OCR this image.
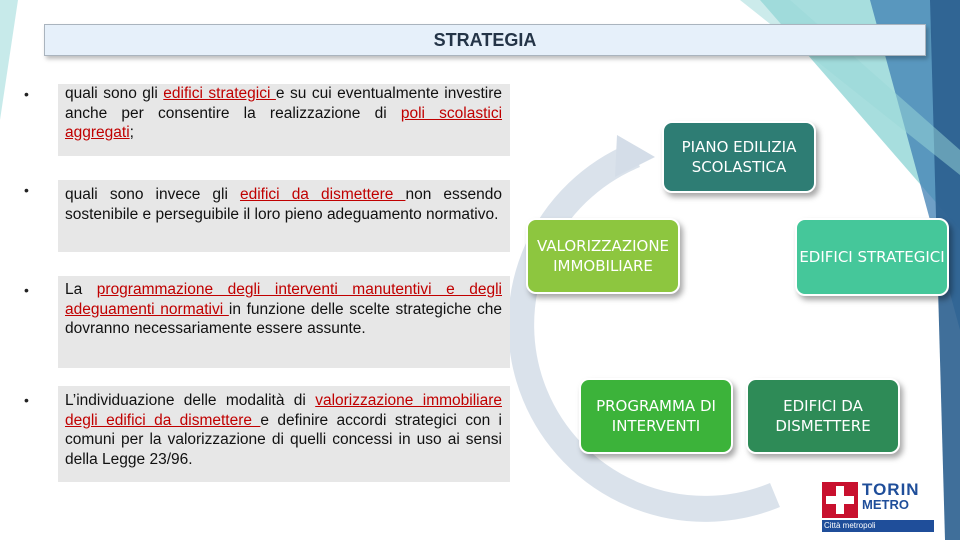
STRATEGIA
• quali sono gli edifici strategici e su cui eventualmente investire anche per consentire la realizzazione di poli scolastici aggregati;
• quali sono invece gli edifici da dismettere non essendo sostenibile e perseguibile il loro pieno adeguamento normativo.
• La programmazione degli interventi manutentivi e degli adeguamenti normativi in funzione delle scelte strategiche che dovranno necessariamente essere assunte.
• L’individuazione delle modalità di valorizzazione immobiliare degli edifici da dismettere e definire accordi strategici con i comuni per la valorizzazione di quelli concessi in uso ai sensi della Legge 23/96.
PIANO EDILIZIA SCOLASTICA
VALORIZZAZIONE IMMOBILIARE	EDIFICI STRATEGICI
PROGRAMMA DI INTERVENTI
EDIFICI DA DISMETTERE
TORIN
METRO
Città metropoli
